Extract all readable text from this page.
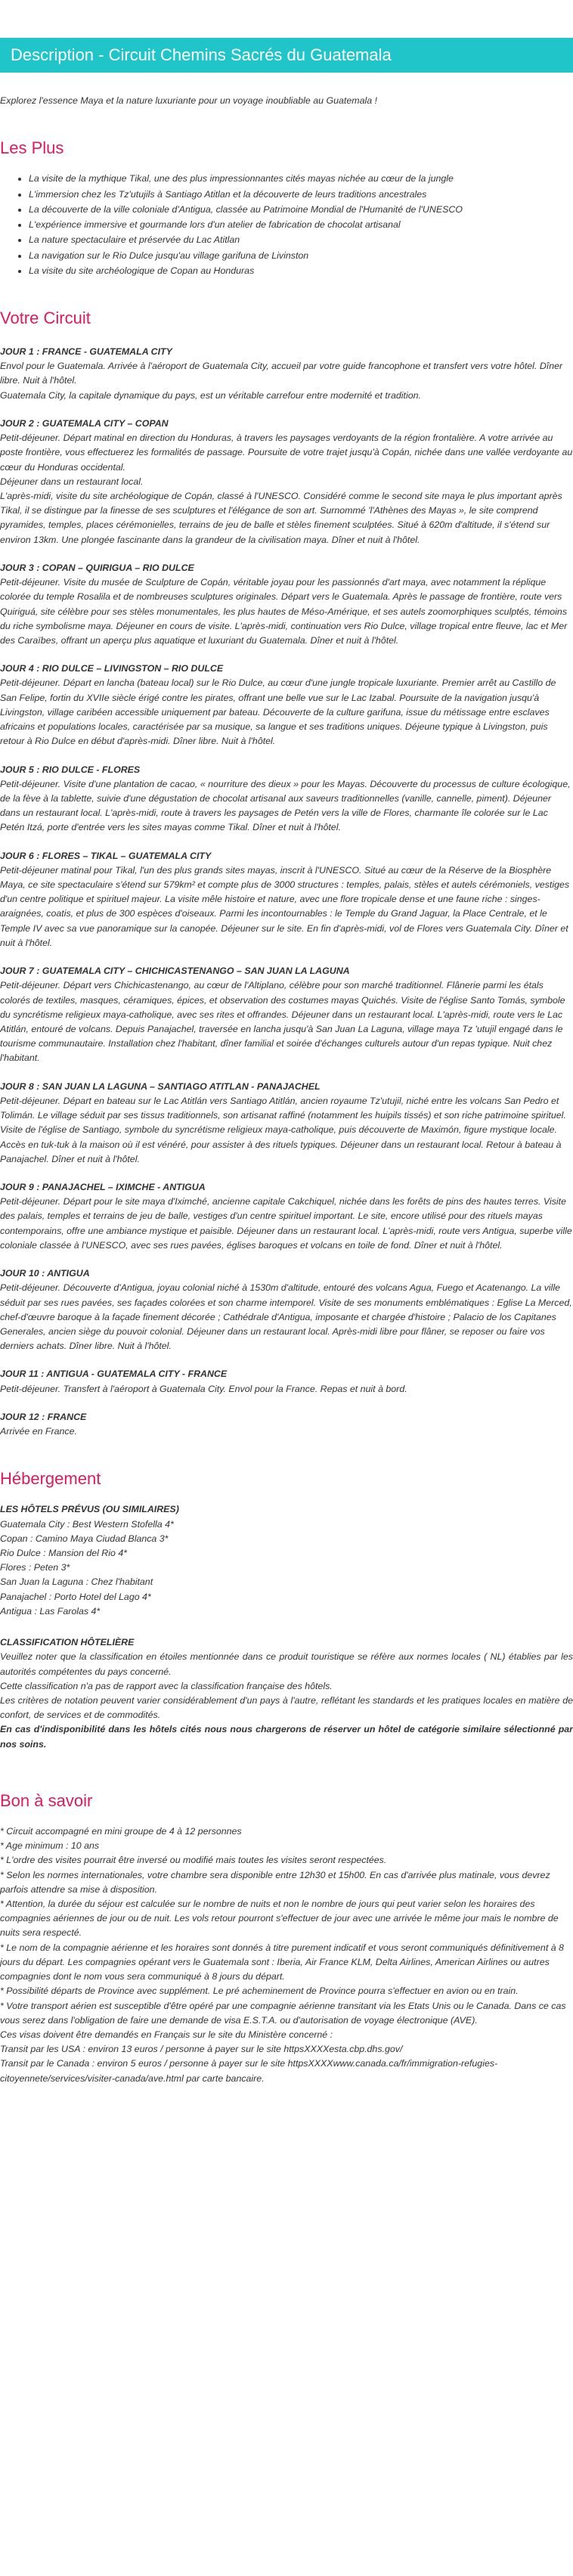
Description - Circuit Chemins Sacrés du Guatemala
Explorez l'essence Maya et la nature luxuriante pour un voyage inoubliable au Guatemala !
Les Plus
• La visite de la mythique Tikal, une des plus impressionnantes cités mayas nichée au cœur de la jungle
• L'immersion chez les Tz'utujils à Santiago Atitlan et la découverte de leurs traditions ancestrales
• La découverte de la ville coloniale d'Antigua, classée au Patrimoine Mondial de l'Humanité de l'UNESCO
• L'expérience immersive et gourmande lors d'un atelier de fabrication de chocolat artisanal
• La nature spectaculaire et préservée du Lac Atitlan
• La navigation sur le Rio Dulce jusqu'au village garifuna de Livinston
• La visite du site archéologique de Copan au Honduras
Votre Circuit
JOUR 1 : FRANCE - GUATEMALA CITY

Envol pour le Guatemala. Arrivée à l'aéroport de Guatemala City, accueil par votre guide francophone et transfert vers votre hôtel. Dîner libre. Nuit à l'hôtel.

Guatemala City, la capitale dynamique du pays, est un véritable carrefour entre modernité et tradition.

JOUR 2 : GUATEMALA CITY – COPAN

Petit-déjeuner. Départ matinal en direction du Honduras, à travers les paysages verdoyants de la région frontalière. A votre arrivée au poste frontière, vous effectuerez les formalités de passage. Poursuite de votre trajet jusqu'à Copán, nichée dans une vallée verdoyante au cœur du Honduras occidental.

Déjeuner dans un restaurant local.

L'après-midi, visite du site archéologique de Copán, classé à l'UNESCO. Considéré comme le second site maya le plus important après Tikal, il se distingue par la finesse de ses sculptures et l'élégance de son art. Surnommé 'l'Athènes des Mayas », le site comprend pyramides, temples, places cérémonielles, terrains de jeu de balle et stèles finement sculptées. Situé à 620m d'altitude, il s'étend sur environ 13km. Une plongée fascinante dans la grandeur de la civilisation maya. Dîner et nuit à l'hôtel.

JOUR 3 : COPAN – QUIRIGUA – RIO DULCE

Petit-déjeuner. Visite du musée de Sculpture de Copán, véritable joyau pour les passionnés d'art maya, avec notamment la réplique colorée du temple Rosalila et de nombreuses sculptures originales. Départ vers le Guatemala. Après le passage de frontière, route vers Quiriguá, site célèbre pour ses stèles monumentales, les plus hautes de Méso-Amérique, et ses autels zoomorphiques sculptés, témoins du riche symbolisme maya. Déjeuner en cours de visite. L'après-midi, continuation vers Rio Dulce, village tropical entre fleuve, lac et Mer des Caraïbes, offrant un aperçu plus aquatique et luxuriant du Guatemala. Dîner et nuit à l'hôtel.

JOUR 4 : RIO DULCE – LIVINGSTON – RIO DULCE

Petit-déjeuner. Départ en lancha (bateau local) sur le Rio Dulce, au cœur d'une jungle tropicale luxuriante. Premier arrêt au Castillo de San Felipe, fortin du XVIIe siècle érigé contre les pirates, offrant une belle vue sur le Lac Izabal. Poursuite de la navigation jusqu'à Livingston, village caribéen accessible uniquement par bateau. Découverte de la culture garifuna, issue du métissage entre esclaves africains et populations locales, caractérisée par sa musique, sa langue et ses traditions uniques. Déjeune typique à Livingston, puis retour à Rio Dulce en début d'après-midi. Dîner libre. Nuit à l'hôtel.

JOUR 5 : RIO DULCE - FLORES

Petit-déjeuner. Visite d'une plantation de cacao, « nourriture des dieux » pour les Mayas. Découverte du processus de culture écologique, de la fève à la tablette, suivie d'une dégustation de chocolat artisanal aux saveurs traditionnelles (vanille, cannelle, piment). Déjeuner dans un restaurant local. L'après-midi, route à travers les paysages de Petén vers la ville de Flores, charmante île colorée sur le Lac Petén Itzá, porte d'entrée vers les sites mayas comme Tikal. Dîner et nuit à l'hôtel.

JOUR 6 : FLORES – TIKAL – GUATEMALA CITY

Petit-déjeuner matinal pour Tikal, l'un des plus grands sites mayas, inscrit à l'UNESCO. Situé au cœur de la Réserve de la Biosphère Maya, ce site spectaculaire s'étend sur 579km² et compte plus de 3000 structures : temples, palais, stèles et autels cérémoniels, vestiges d'un centre politique et spirituel majeur. La visite mêle histoire et nature, avec une flore tropicale dense et une faune riche : singes-araignées, coatis, et plus de 300 espèces d'oiseaux. Parmi les incontournables : le Temple du Grand Jaguar, la Place Centrale, et le Temple IV avec sa vue panoramique sur la canopée. Déjeuner sur le site. En fin d'après-midi, vol de Flores vers Guatemala City. Dîner et nuit à l'hôtel.

JOUR 7 : GUATEMALA CITY – CHICHICASTENANGO – SAN JUAN LA LAGUNA

Petit-déjeuner. Départ vers Chichicastenango, au cœur de l'Altiplano, célèbre pour son marché traditionnel. Flânerie parmi les étals colorés de textiles, masques, céramiques, épices, et observation des costumes mayas Quichés. Visite de l'église Santo Tomás, symbole du syncrétisme religieux maya-catholique, avec ses rites et offrandes. Déjeuner dans un restaurant local. L'après-midi, route vers le Lac Atitlán, entouré de volcans. Depuis Panajachel, traversée en lancha jusqu'à San Juan La Laguna, village maya Tz 'utujil engagé dans le tourisme communautaire. Installation chez l'habitant, dîner familial et soirée d'échanges culturels autour d'un repas typique. Nuit chez l'habitant.

JOUR 8 : SAN JUAN LA LAGUNA – SANTIAGO ATITLAN - PANAJACHEL

Petit-déjeuner. Départ en bateau sur le Lac Atitlán vers Santiago Atitlán, ancien royaume Tz'utujil, niché entre les volcans San Pedro et Tolimán. Le village séduit par ses tissus traditionnels, son artisanat raffiné (notamment les huipils tissés) et son riche patrimoine spirituel. Visite de l'église de Santiago, symbole du syncrétisme religieux maya-catholique, puis découverte de Maximón, figure mystique locale. Accès en tuk-tuk à la maison où il est vénéré, pour assister à des rituels typiques. Déjeuner dans un restaurant local. Retour à bateau à Panajachel. Dîner et nuit à l'hôtel.

JOUR 9 : PANAJACHEL – IXIMCHE - ANTIGUA

Petit-déjeuner. Départ pour le site maya d'Iximché, ancienne capitale Cakchiquel, nichée dans les forêts de pins des hautes terres. Visite des palais, temples et terrains de jeu de balle, vestiges d'un centre spirituel important. Le site, encore utilisé pour des rituels mayas contemporains, offre une ambiance mystique et paisible. Déjeuner dans un restaurant local. L'après-midi, route vers Antigua, superbe ville coloniale classée à l'UNESCO, avec ses rues pavées, églises baroques et volcans en toile de fond. Dîner et nuit à l'hôtel.

JOUR 10 : ANTIGUA

Petit-déjeuner. Découverte d'Antigua, joyau colonial niché à 1530m d'altitude, entouré des volcans Agua, Fuego et Acatenango. La ville séduit par ses rues pavées, ses façades colorées et son charme intemporel. Visite de ses monuments emblématiques : Eglise La Merced, chef-d'œuvre baroque à la façade finement décorée ; Cathédrale d'Antigua, imposante et chargée d'histoire ; Palacio de los Capitanes Generales, ancien siège du pouvoir colonial. Déjeuner dans un restaurant local. Après-midi libre pour flâner, se reposer ou faire vos derniers achats. Dîner libre. Nuit à l'hôtel.

JOUR 11 : ANTIGUA - GUATEMALA CITY - FRANCE

Petit-déjeuner. Transfert à l'aéroport à Guatemala City. Envol pour la France. Repas et nuit à bord.

JOUR 12 : FRANCE

Arrivée en France.

Hébergement
LES HÔTELS PRÉVUS (OU SIMILAIRES)

Guatemala City : Best Western Stofella 4*

Copan : Camino Maya Ciudad Blanca 3*

Rio Dulce : Mansion del Rio 4*

Flores : Peten 3*

San Juan la Laguna : Chez l'habitant

Panajachel : Porto Hotel del Lago 4*

Antigua : Las Farolas 4*

CLASSIFICATION HÔTELIÈRE

Veuillez noter que la classification en étoiles mentionnée dans ce produit touristique se réfère aux normes locales ( NL) établies par les autorités compétentes du pays concerné.

Cette classification n'a pas de rapport avec la classification française des hôtels.

Les critères de notation peuvent varier considérablement d'un pays à l'autre, reflétant les standards et les pratiques locales en matière de confort, de services et de commodités.

En cas d'indisponibilité dans les hôtels cités nous nous chargerons de réserver un hôtel de catégorie similaire sélectionné par nos soins.

Bon à savoir

* Circuit accompagné en mini groupe de 4 à 12 personnes

* Age minimum : 10 ans

* L'ordre des visites pourrait être inversé ou modifié mais toutes les visites seront respectées.

* Selon les normes internationales, votre chambre sera disponible entre 12h30 et 15h00. En cas d'arrivée plus matinale, vous devrez parfois attendre sa mise à disposition.

* Attention, la durée du séjour est calculée sur le nombre de nuits et non le nombre de jours qui peut varier selon les horaires des compagnies aériennes de jour ou de nuit. Les vols retour pourront s'effectuer de jour avec une arrivée le même jour mais le nombre de nuits sera respecté.

* Le nom de la compagnie aérienne et les horaires sont donnés à titre purement indicatif et vous seront communiqués définitivement à 8 jours du départ. Les compagnies opérant vers le Guatemala sont : Iberia, Air France KLM, Delta Airlines, American Airlines ou autres compagnies dont le nom vous sera communiqué à 8 jours du départ.

* Possibilité départs de Province avec supplément. Le pré acheminement de Province pourra s'effectuer en avion ou en train.

* Votre transport aérien est susceptible d'être opéré par une compagnie aérienne transitant via les Etats Unis ou le Canada. Dans ce cas vous serez dans l'obligation de faire une demande de visa E.S.T.A. ou d'autorisation de voyage électronique (AVE).

Ces visas doivent être demandés en Français sur le site du Ministère concerné :

Transit par les USA : environ 13 euros / personne à payer sur le site httpsXXXXesta.cbp.dhs.gov/

Transit par le Canada : environ 5 euros / personne à payer sur le site httpsXXXXwww.canada.ca/fr/immigration-refugies-citoyennete/services/visiter-canada/ave.html par carte bancaire.
